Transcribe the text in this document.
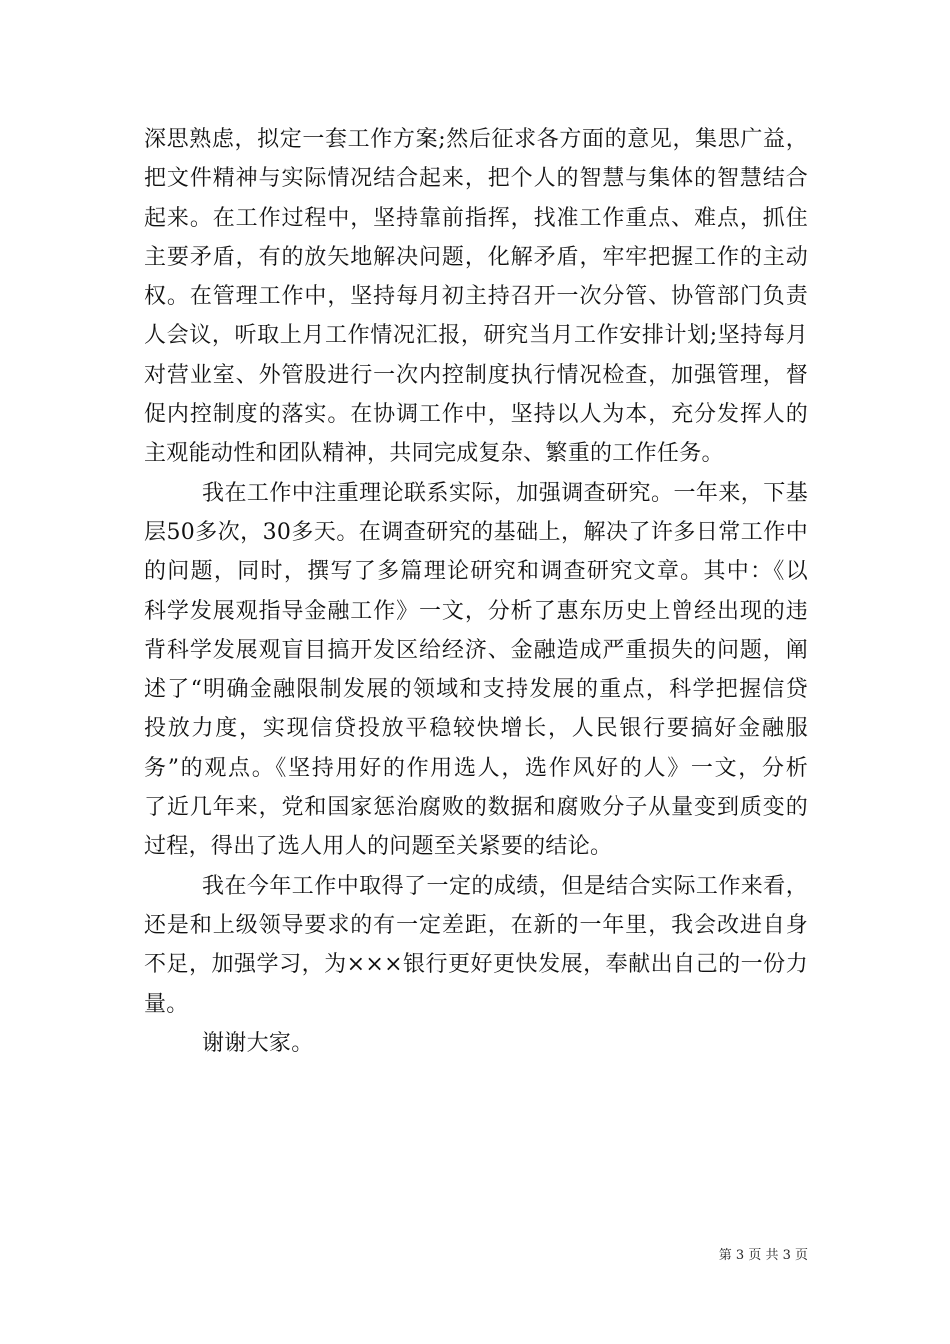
深思熟虑，拟定一套工作方案;然后征求各方面的意见，集思广益，
把文件精神与实际情况结合起来，把个人的智慧与集体的智慧结合
起来。在工作过程中，坚持靠前指挥，找准工作重点、难点，抓住
主要矛盾，有的放矢地解决问题，化解矛盾，牢牢把握工作的主动
权。在管理工作中，坚持每月初主持召开一次分管、协管部门负责
人会议，听取上月工作情况汇报，研究当月工作安排计划;坚持每月
对营业室、外管股进行一次内控制度执行情况检查，加强管理，督
促内控制度的落实。在协调工作中，坚持以人为本，充分发挥人的
主观能动性和团队精神，共同完成复杂、繁重的工作任务。
我在工作中注重理论联系实际，加强调查研究。一年来，下基
层50多次，30多天。在调查研究的基础上，解决了许多日常工作中
的问题，同时，撰写了多篇理论研究和调查研究文章。其中：《以
科学发展观指导金融工作》一文，分析了惠东历史上曾经出现的违
背科学发展观盲目搞开发区给经济、金融造成严重损失的问题，阐
述了“明确金融限制发展的领域和支持发展的重点，科学把握信贷
投放力度，实现信贷投放平稳较快增长，人民银行要搞好金融服
务”的观点。《坚持用好的作用选人，选作风好的人》一文，分析
了近几年来，党和国家惩治腐败的数据和腐败分子从量变到质变的
过程，得出了选人用人的问题至关紧要的结论。
我在今年工作中取得了一定的成绩，但是结合实际工作来看，
还是和上级领导要求的有一定差距，在新的一年里，我会改进自身
不足，加强学习，为×××银行更好更快发展，奉献出自己的一份力
量。
谢谢大家。
第 3 页 共 3 页
